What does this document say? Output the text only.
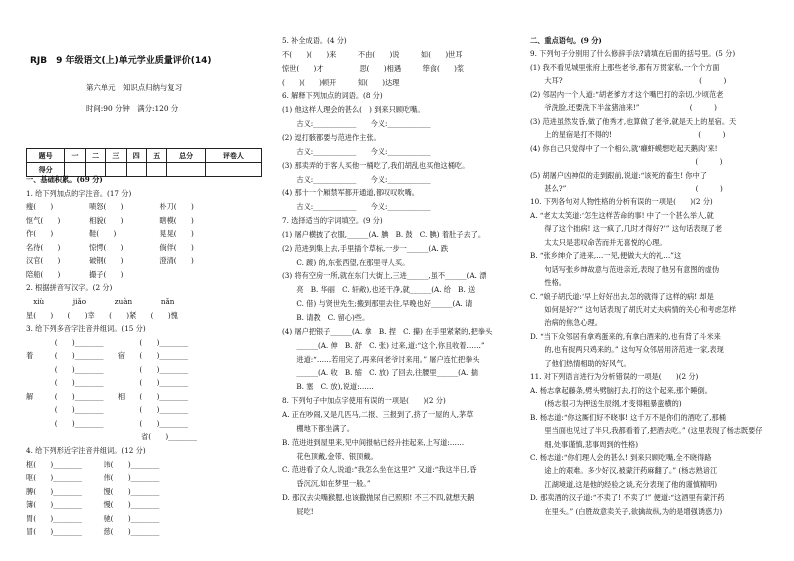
RJB　9 年级语文(上)单元学业质量评价(14)
第六单元　知识点归纳与复习
时间:90 分钟　满分:120 分
题号	一	二	三	四	五	总分	评卷人
得分							
一、基础积累。(69 分)
1. 给下列加点的字注音。(17 分)
瘦(　　)　　　　　啧怒(　　)　　　　　朴刀(　　)
怄气(　　)　　　　相貌(　　)　　　　　瞎模(　　)
作(　　)　　　　　鞋(　　)　　　　　　晃晃(　　)
名待(　　)　　　　惊愕(　　)　　　　　倘佯(　　)
汉官(　　)　　　　破钢(　　)　　　　　澄清(　　)
陪船(　　)　　　　撮子(　　)
2. 根据拼音写汉字。(2 分)
　xiù　　　　jiǎo　　　　zuàn　　　　nǎn
星(　　)　　(　　)幸　　(　　)紧　　(　　)愧
3. 给下列多音字注音并组词。(15 分)
　　　　(　　)________　　　　　(　　)________
着　　　(　　)________　　宿　　(　　)________
　　　　(　　)________　　　　　(　　)________
　　　　(　　)________　　　　　(　　)________
解　　　(　　)________　　相　　(　　)________
　　　　(　　)________　　　　　(　　)________
　　　　(　　)________　　　　　(　　)________
　　　　　　　　　　　　　　　　省(　　)________
4. 给下列形近字注音并组词。(12 分)
枢(　　)________　　　讳(　　)________
呕(　　)________　　　伟(　　)________
膊(　　)________　　　馒(　　)________
簿(　　)________　　　慢(　　)________
胃(　　)________　　　驰(　　)________
冒(　　)________　　　慈(　　)________
5. 补全成语。(4 分)
不(　　)(　　)来　　　不由(　　)说　　　如(　　)世耳
惊世(　　)才　　　　　思(　　)相遇　　　筚食(　　)浆
(　　)(　　)顿开　　　知(　　)达理
6. 解释下列加点的词语。(8 分)
(1) 他这样人理会的甚么(　) 到来只顾吃嘴。
　　古义:____________　　今义:____________
(2) 逗打骸都要与范进作主张。
　　古义:____________　　今义:____________
(3) 那卖弄的于客人买他一桶吃了,我们胡乱也买他这桶吃。
　　古义:____________　　今义:____________
(4) 那十一个厢禁军都开通道,都叹叹吹嘴。
　　古义:____________　　今义:____________
7. 选择适当的字词填空。(9 分)
(1) 屠户横披了衣服,______(A. 腆　B. 鼓　C. 腆) 着肚子去了。
(2) 范进到集上去,手里插个草标,一步一______(A. 跌
　　C. 踱) 的,东张西望,在那里寻人买。
(3) 将有空房一所,就在东门大街上,三进______,虽不______(A. 漂
　　亮　B. 华丽　C. 轩敞),也还干净,就______(A. 给　B. 送
　　C. 借) 与贤世先生;搬到那里去住,早晚也好______(A. 请
　　B. 请教　C. 留心)些。
(4) 屠户把银子______(A. 拿　B. 捏　C. 攥) 在手里紧紧的,把拳头
　　______(A. 伸　B. 舒　C. 张) 过来,道:“这个,你且收着……”
　　进道:“……若用完了,再来问老爷讨来用。” 屠户连忙把拳头
　　______(A. 收　B. 缩　C. 放) 了回去,往腰里______(A. 揣
　　B. 塞　C. 放),说道:……
8. 下列句子中加点字使用有误的一项是(　　)(2 分)
A. 正在吵闹,又是几匹马,二报、三报到了,挤了一屋的人,茅草
　　棚地下都坐满了。
B. 范进进到屋里来,见中间报帖已经升挂起来,上写道:……
　　花色顶戴,金带、银顶戴。
C. 范进看了众人,说道:“我怎么坐在这里?” 又道:“我这半日,昏
　　昏沉沉,如在梦里一般。”
D. 那汉去尖嘴猴腮,也该撒抛尿自己照照! 不三不四,就想天鹅
　　屁吃!
二、重点语句。(9 分)
9. 下列句子分别用了什么修辞手法?请填在后面的括号里。(5 分)
(1) 我不看见城里张府上那些老爷,都有万贯家私,一个个方面
　　大耳?　　　　　　　　　　　　　　　　　　　(　　　)
(2) 邻居内一个人道:“胡老爹方才这个嘴巴打的亲切,少顷范老
　　爷洗脸,还要洗下半盆猪油来!”　　　　　　　(　　　)
(3) 范进虽然发昏,做了他秀才,也算做了老爷,就是天上的星宿。天
　　上的星宿是打不得的!　　　　　　　　　　　　(　　　)
(4) 你自己只觉得中了一个相公,就‘癞虾蟆想吃起天鹅肉’来!
　　　　　　　　　　　　　　　　　　　　　　　(　　　)
(5) 胡屠户凶神似的走到跟前,说道:“该死的畜生! 你中了
　　甚么?”　　　　　　　　　　　　　　　　　　(　　　)
10. 下列各句对人物性格的分析有误的一项是(　　)(2 分)
A. “老太太笑道:‘怎生这样苦命的事! 中了一个甚么举人,就
　　得了这个拙病! 这一疯了,几时才得好?’” 这句话表现了老
　　太太只是悲叹命苦而并无喜悦的心理。
B. “张乡绅介了进来,…一见,便做大大的礼…”这
　　句话写张乡绅故意与范进亲近,表现了他另有意图的虚伪
　　性格。
C. “娘子胡氏道:‘早上好好出去,怎的就得了这样的病! 却是
　　如何是好?’” 这句话表现了胡氏对丈夫病情的关心和考虑怎样
　　治病的焦急心理。
D. “当下众邻居有拿鸡蛋来的,有拿白酒来的,也有背了斗米来
　　的,也有捉两只鸡来的。” 这句写众邻居用济范进一家,表现
　　了他们热情相助的好风气。
11. 对下列语言进行为分析错误的一项是(　　)(2 分)
A. 杨志拿起藤条,劈头劈脑打去,打的这个起来,那个睡倒。
　　(杨志很刁为押送生辰纲,才变得粗暴蛮横的)
B. 杨志道:“你这厮们好不晓事! 这千万不是你们的酒吃了,那桶
　　里当面也见过了半只,我都看着了,把酒去吃。” (这里表现了杨志既要仔
　　细,处事谨慎,悲事周到的性格)
C. 杨志道:“你们理人会的甚么! 到来只顾吃嘴,全不晓得路
　　途上的艰难。多少好汉,被蒙汗药麻翻了。” (杨志熟谙江
　　江湖境道,这是他的经验之谈,充分表现了他的谨慎精明)
D. 那卖酒的汉子道:“不卖了! 不卖了!” 便道:“这酒里有蒙汗药
　　在里头。” (白胜故意卖关子,欲擒故纵,为的是增强诱惑力)
